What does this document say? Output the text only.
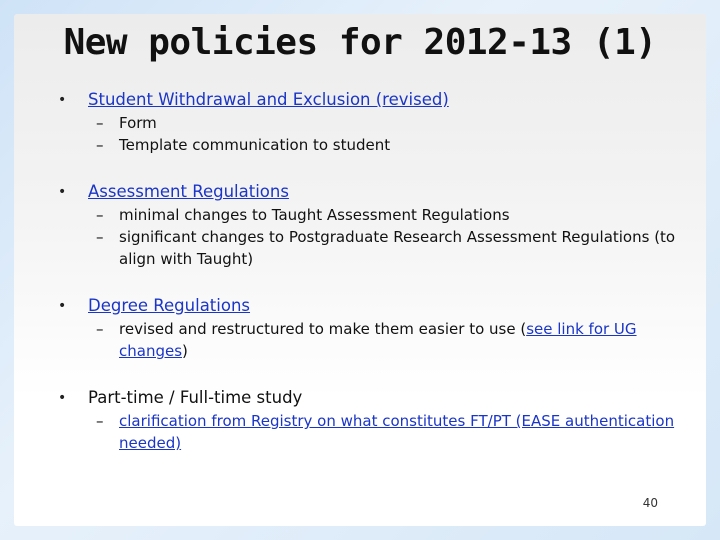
New policies for 2012-13 (1)
• Student Withdrawal and Exclusion (revised)
– Form
– Template communication to student
• Assessment Regulations
– minimal changes to Taught Assessment Regulations
– significant changes to Postgraduate Research Assessment Regulations (to align with Taught)
• Degree Regulations
– revised and restructured to make them easier to use (see link for UG changes)
• Part-time / Full-time study
– clarification from Registry on what constitutes FT/PT (EASE authentication needed)
40
